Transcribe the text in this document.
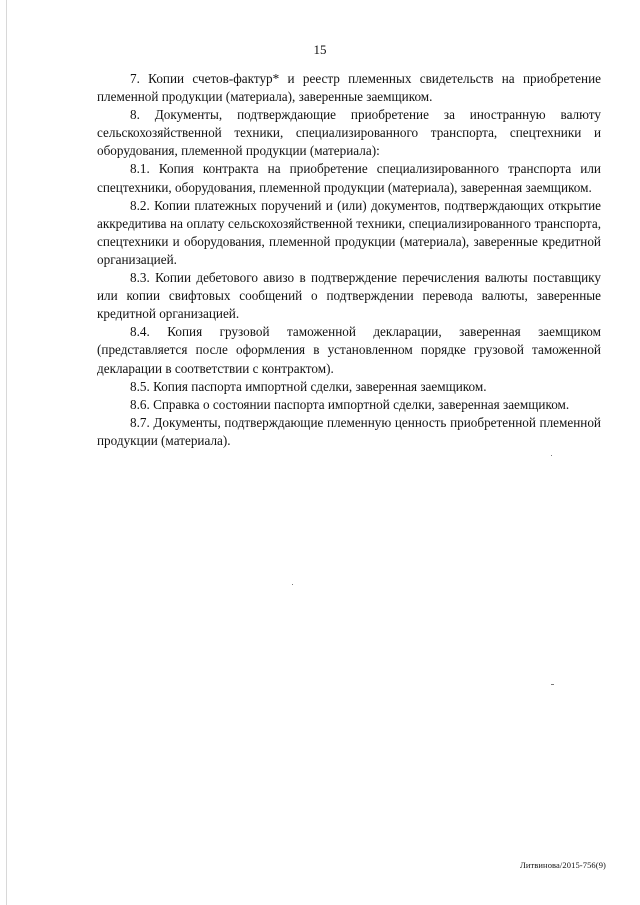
15

7. Копии счетов-фактур* и реестр племенных свидетельств на приобретение племенной продукции (материала), заверенные заемщиком.

8. Документы, подтверждающие приобретение за иностранную валюту сельскохозяйственной техники, специализированного транспорта, спецтехники и оборудования, племенной продукции (материала):

8.1. Копия контракта на приобретение специализированного транспорта или спецтехники, оборудования, племенной продукции (материала), заверенная заемщиком.

8.2. Копии платежных поручений и (или) документов, подтверждающих открытие аккредитива на оплату сельскохозяйственной техники, специализированного транспорта, спецтехники и оборудования, племенной продукции (материала), заверенные кредитной организацией.

8.3. Копии дебетового авизо в подтверждение перечисления валюты поставщику или копии свифтовых сообщений о подтверждении перевода валюты, заверенные кредитной организацией.

8.4. Копия грузовой таможенной декларации, заверенная заемщиком (представляется после оформления в установленном порядке грузовой таможенной декларации в соответствии с контрактом).

8.5. Копия паспорта импортной сделки, заверенная заемщиком.

8.6. Справка о состоянии паспорта импортной сделки, заверенная заемщиком.

8.7. Документы, подтверждающие племенную ценность приобретенной племенной продукции (материала).

Литвинова/2015-756(9)
